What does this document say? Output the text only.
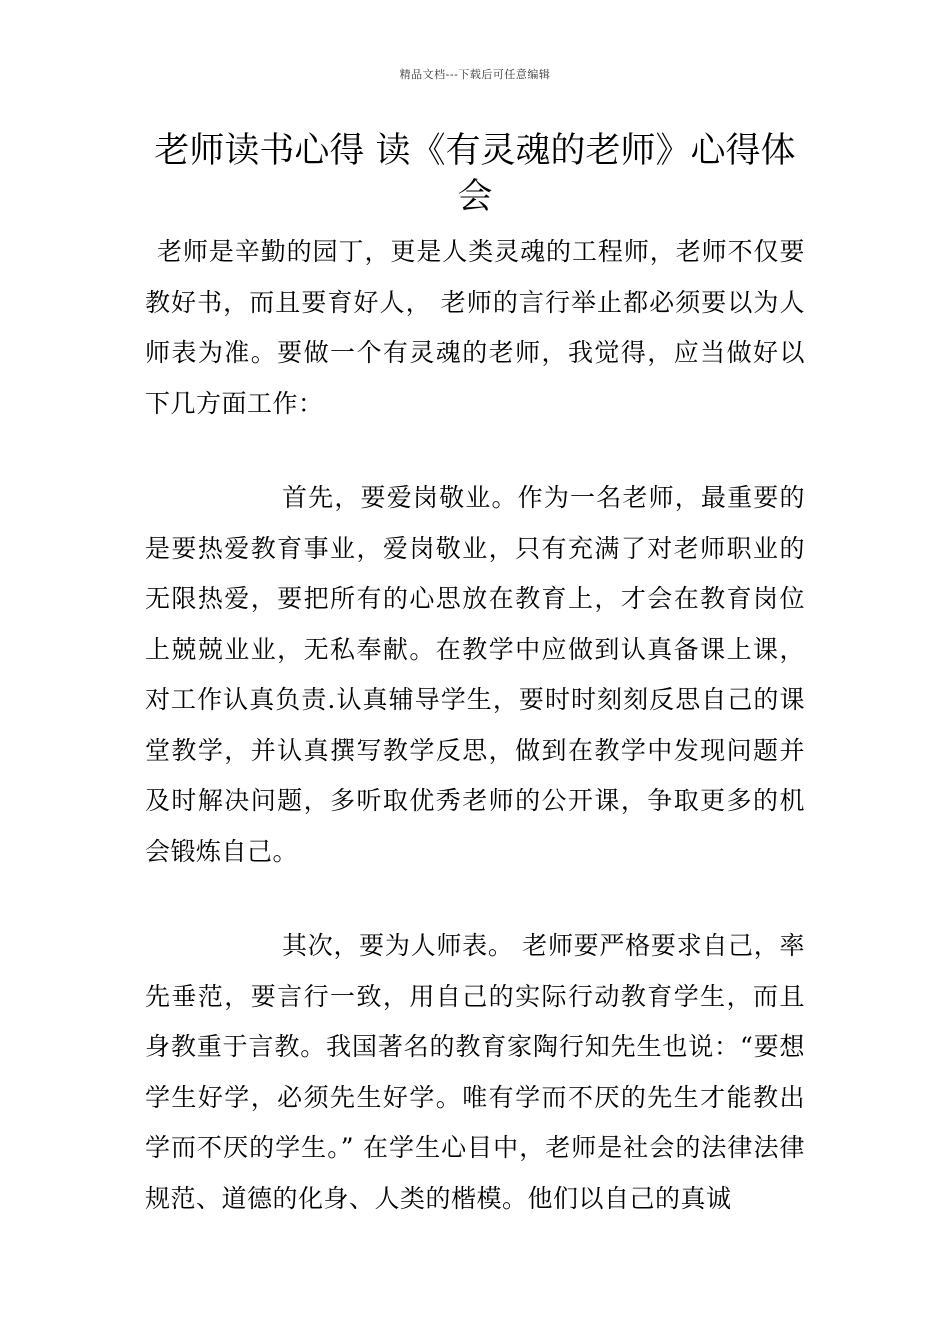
精品文档---下载后可任意编辑
老师读书心得 读《有灵魂的老师》心得体会

老师是辛勤的园丁，更是人类灵魂的工程师，老师不仅要教好书，而且要育好人， 老师的言行举止都必须要以为人师表为准。要做一个有灵魂的老师，我觉得，应当做好以下几方面工作：

首先，要爱岗敬业。作为一名老师，最重要的是要热爱教育事业，爱岗敬业，只有充满了对老师职业的无限热爱，要把所有的心思放在教育上，才会在教育岗位上兢兢业业，无私奉献。在教学中应做到认真备课上课，对工作认真负责.认真辅导学生，要时时刻刻反思自己的课堂教学，并认真撰写教学反思，做到在教学中发现问题并及时解决问题，多听取优秀老师的公开课，争取更多的机会锻炼自己。

其次，要为人师表。 老师要严格要求自己，率先垂范，要言行一致，用自己的实际行动教育学生，而且身教重于言教。我国著名的教育家陶行知先生也说：“要想学生好学，必须先生好学。唯有学而不厌的先生才能教出学而不厌的学生。” 在学生心目中，老师是社会的法律法律规范、道德的化身、人类的楷模。他们以自己的真诚
